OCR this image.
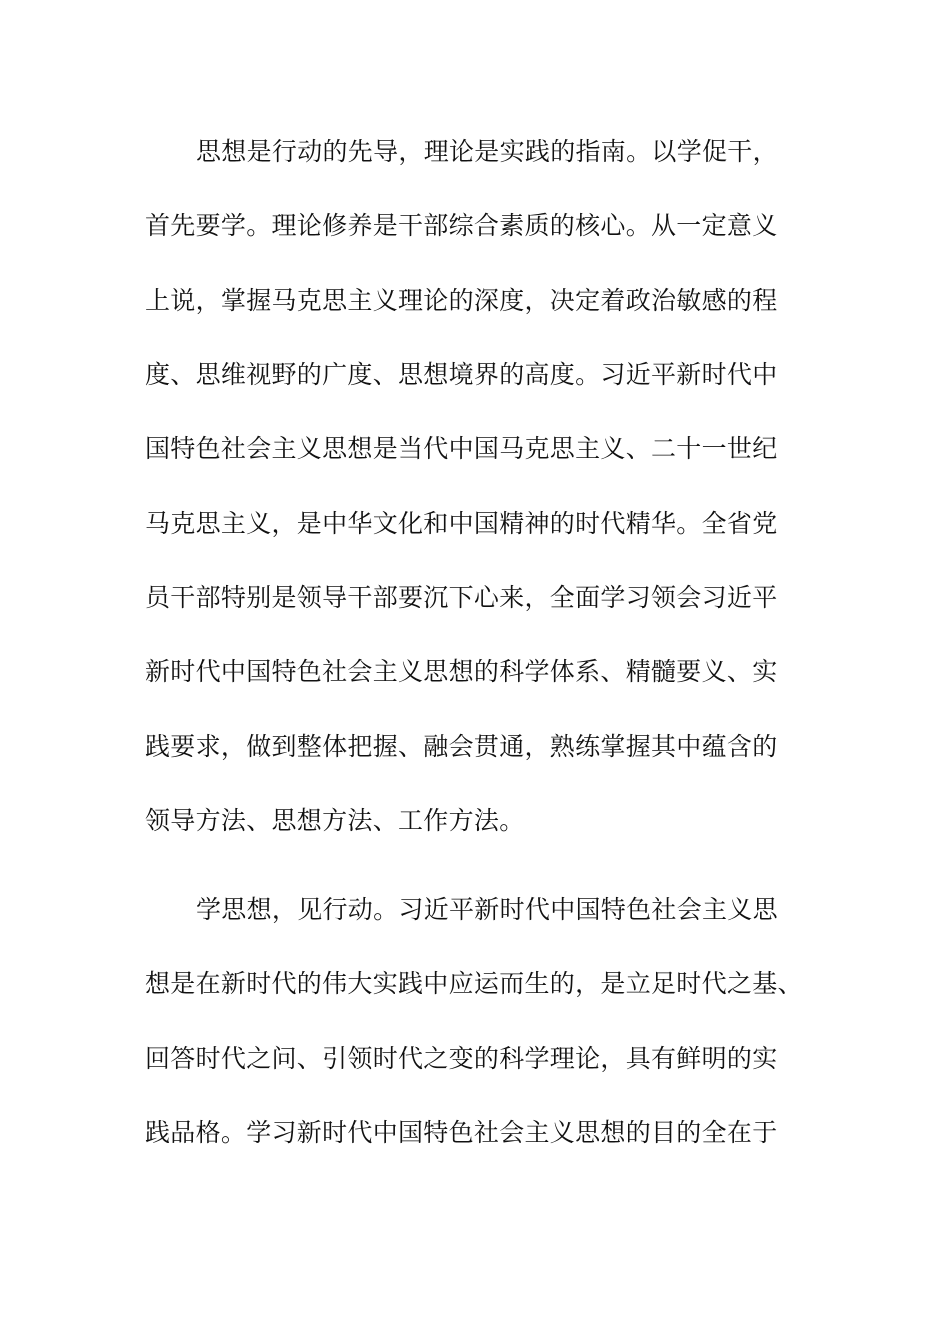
思想是行动的先导，理论是实践的指南。以学促干，

首先要学。理论修养是干部综合素质的核心。从一定意义

上说，掌握马克思主义理论的深度，决定着政治敏感的程

度、思维视野的广度、思想境界的高度。习近平新时代中

国特色社会主义思想是当代中国马克思主义、二十一世纪

马克思主义，是中华文化和中国精神的时代精华。全省党

员干部特别是领导干部要沉下心来，全面学习领会习近平

新时代中国特色社会主义思想的科学体系、精髓要义、实

践要求，做到整体把握、融会贯通，熟练掌握其中蕴含的

领导方法、思想方法、工作方法。

学思想，见行动。习近平新时代中国特色社会主义思

想是在新时代的伟大实践中应运而生的，是立足时代之基、

回答时代之问、引领时代之变的科学理论，具有鲜明的实

践品格。学习新时代中国特色社会主义思想的目的全在于
